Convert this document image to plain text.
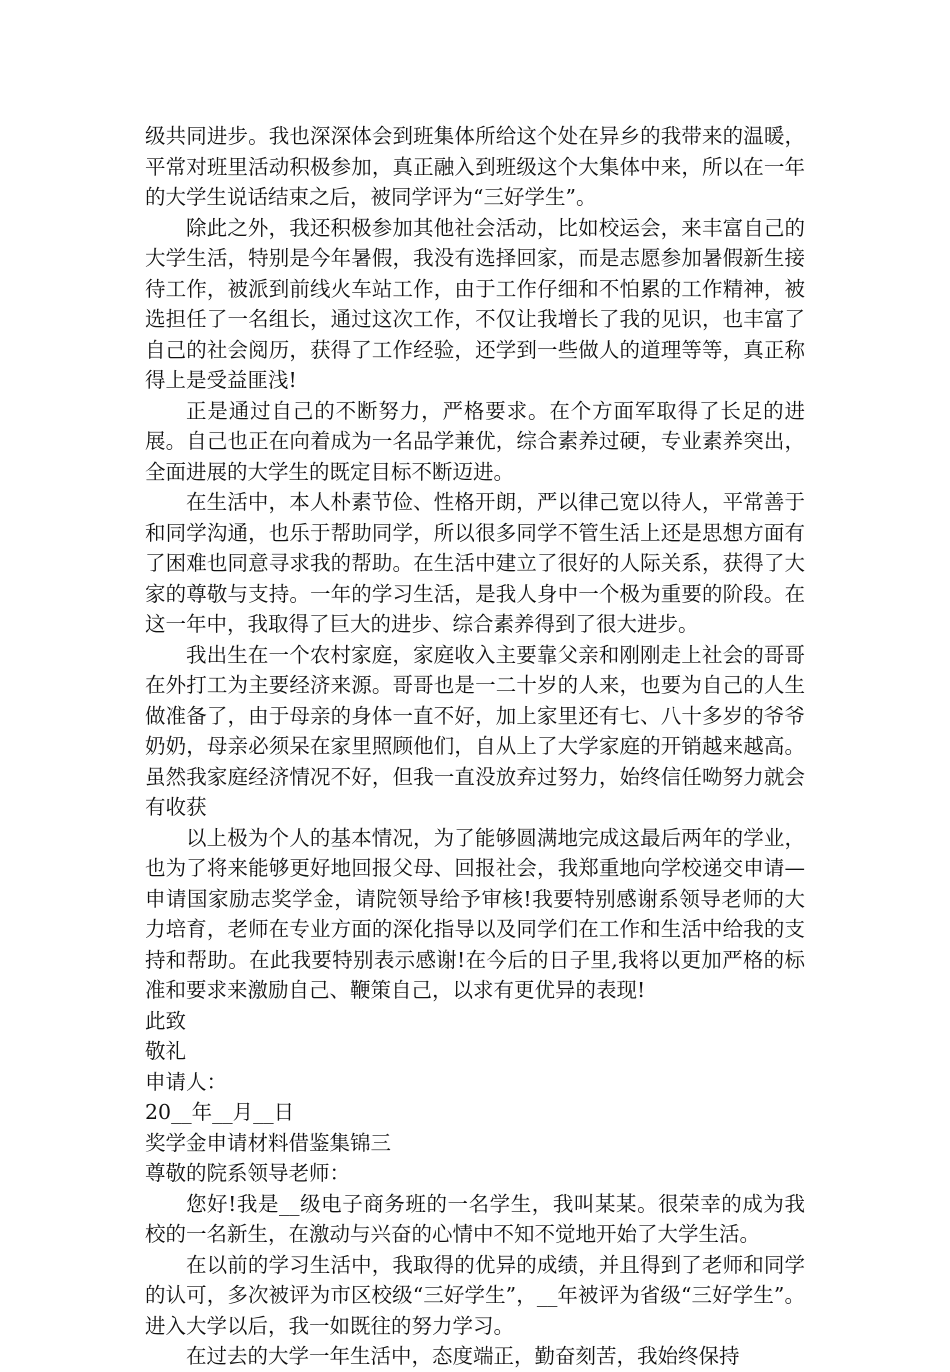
级共同进步。我也深深体会到班集体所给这个处在异乡的我带来的温暖，平常对班里活动积极参加，真正融入到班级这个大集体中来，所以在一年的大学生说话结束之后，被同学评为“三好学生”。

除此之外，我还积极参加其他社会活动，比如校运会，来丰富自己的大学生活，特别是今年暑假，我没有选择回家，而是志愿参加暑假新生接待工作，被派到前线火车站工作，由于工作仔细和不怕累的工作精神，被选担任了一名组长，通过这次工作，不仅让我增长了我的见识，也丰富了自己的社会阅历，获得了工作经验，还学到一些做人的道理等等，真正称得上是受益匪浅!

正是通过自己的不断努力，严格要求。在个方面军取得了长足的进展。自己也正在向着成为一名品学兼优，综合素养过硬，专业素养突出，全面进展的大学生的既定目标不断迈进。

在生活中，本人朴素节俭、性格开朗，严以律己宽以待人，平常善于和同学沟通，也乐于帮助同学，所以很多同学不管生活上还是思想方面有了困难也同意寻求我的帮助。在生活中建立了很好的人际关系，获得了大家的尊敬与支持。一年的学习生活，是我人身中一个极为重要的阶段。在这一年中，我取得了巨大的进步、综合素养得到了很大进步。

我出生在一个农村家庭，家庭收入主要靠父亲和刚刚走上社会的哥哥在外打工为主要经济来源。哥哥也是一二十岁的人来，也要为自己的人生做准备了，由于母亲的身体一直不好，加上家里还有七、八十多岁的爷爷奶奶，母亲必须呆在家里照顾他们，自从上了大学家庭的开销越来越高。虽然我家庭经济情况不好，但我一直没放弃过努力，始终信任呦努力就会有收获

以上极为个人的基本情况，为了能够圆满地完成这最后两年的学业，也为了将来能够更好地回报父母、回报社会，我郑重地向学校递交申请—申请国家励志奖学金，请院领导给予审核!我要特别感谢系领导老师的大力培育，老师在专业方面的深化指导以及同学们在工作和生活中给我的支持和帮助。在此我要特别表示感谢!在今后的日子里,我将以更加严格的标准和要求来激励自己、鞭策自己，以求有更优异的表现!

此致

敬礼

申请人：

20__年__月__日

奖学金申请材料借鉴集锦三

尊敬的院系领导老师：

您好!我是__级电子商务班的一名学生，我叫某某。很荣幸的成为我校的一名新生，在激动与兴奋的心情中不知不觉地开始了大学生活。

在以前的学习生活中，我取得的优异的成绩，并且得到了老师和同学的认可，多次被评为市区校级“三好学生”，__年被评为省级“三好学生”。进入大学以后，我一如既往的努力学习。

在过去的大学一年生活中，态度端正，勤奋刻苦，我始终保持
